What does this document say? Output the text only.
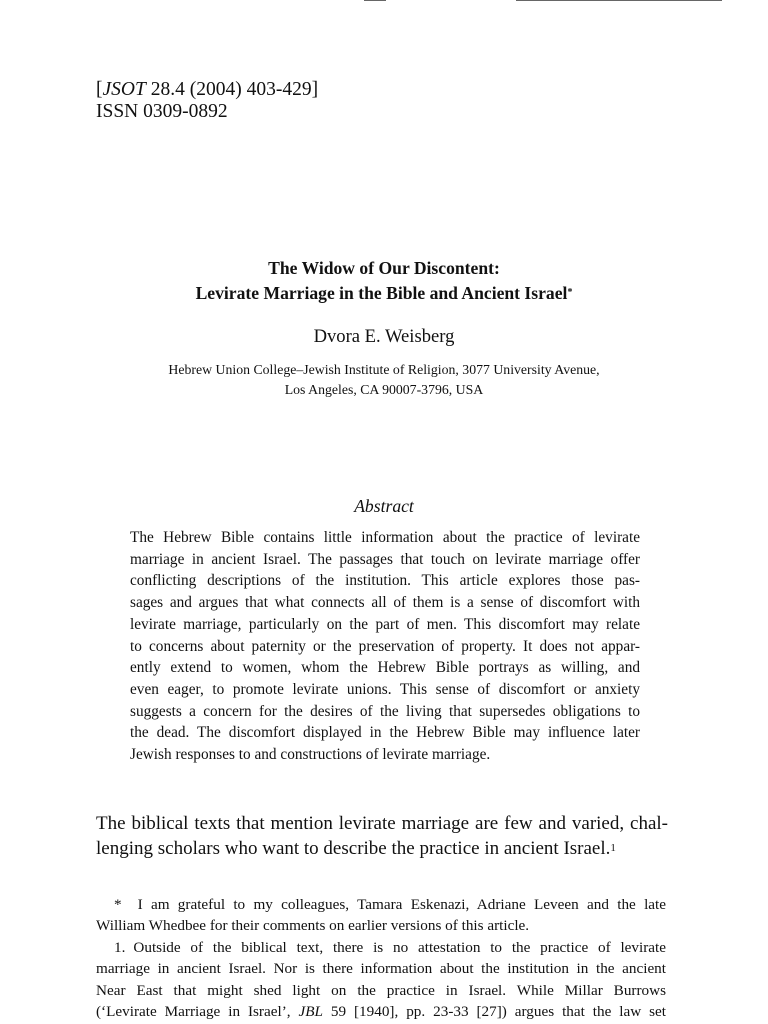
[JSOT 28.4 (2004) 403-429]
ISSN 0309-0892
The Widow of Our Discontent:
Levirate Marriage in the Bible and Ancient Israel*
Dvora E. Weisberg
Hebrew Union College–Jewish Institute of Religion, 3077 University Avenue,
Los Angeles, CA 90007-3796, USA
Abstract
The Hebrew Bible contains little information about the practice of levirate
marriage in ancient Israel. The passages that touch on levirate marriage offer
conflicting descriptions of the institution. This article explores those pas-
sages and argues that what connects all of them is a sense of discomfort with
levirate marriage, particularly on the part of men. This discomfort may relate
to concerns about paternity or the preservation of property. It does not appar-
ently extend to women, whom the Hebrew Bible portrays as willing, and
even eager, to promote levirate unions. This sense of discomfort or anxiety
suggests a concern for the desires of the living that supersedes obligations to
the dead. The discomfort displayed in the Hebrew Bible may influence later
Jewish responses to and constructions of levirate marriage.
The biblical texts that mention levirate marriage are few and varied, chal-
lenging scholars who want to describe the practice in ancient Israel.$^1$
* I am grateful to my colleagues, Tamara Eskenazi, Adriane Leveen and the late
William Whedbee for their comments on earlier versions of this article.
1. Outside of the biblical text, there is no attestation to the practice of levirate
marriage in ancient Israel. Nor is there information about the institution in the ancient
Near East that might shed light on the practice in Israel. While Millar Burrows
(‘Levirate Marriage in Israel’, JBL 59 [1940], pp. 23-33 [27]) argues that the law set
